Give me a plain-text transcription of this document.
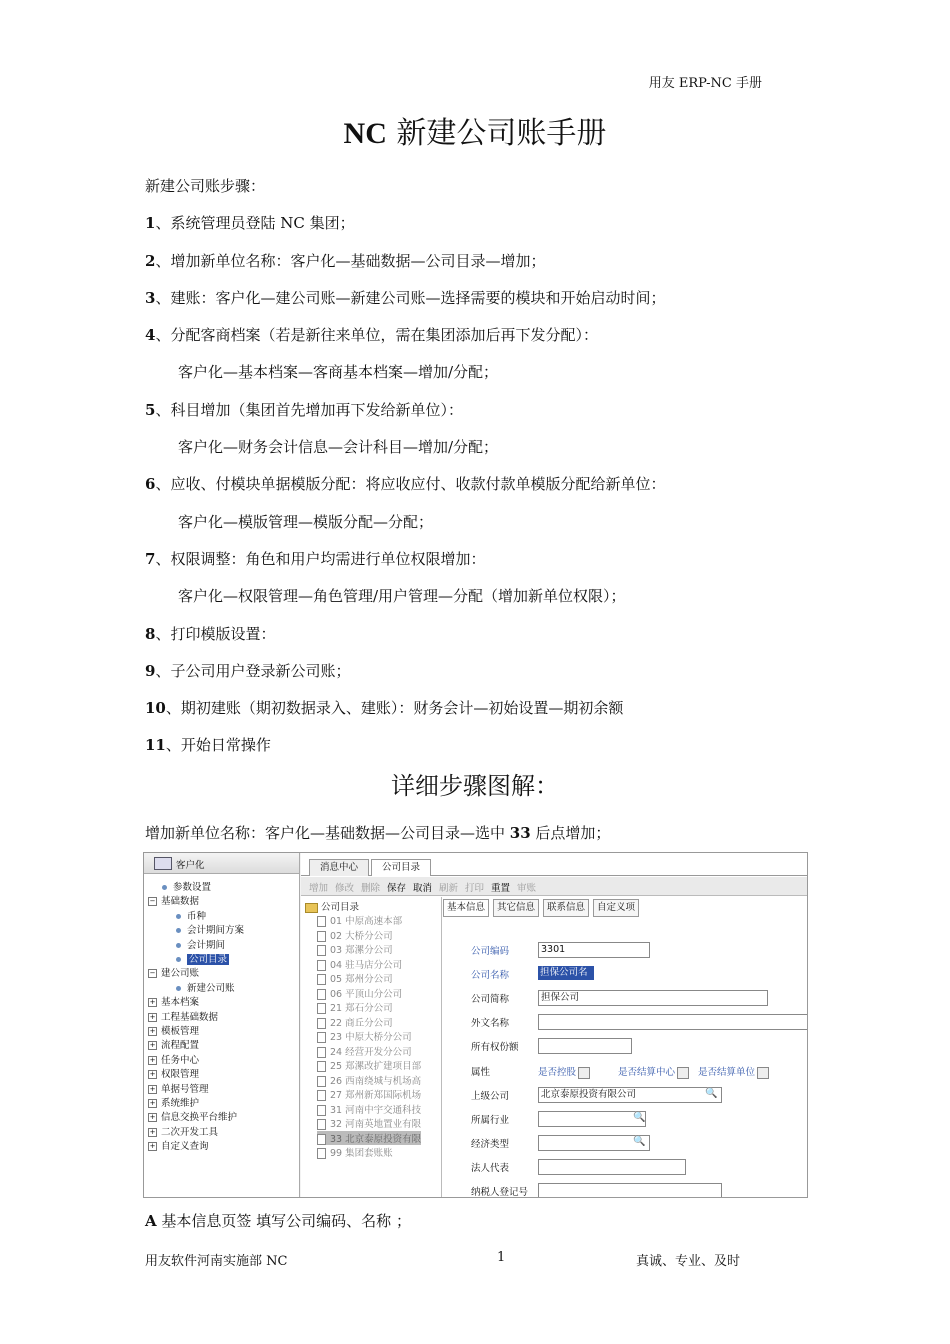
用友 ERP-NC 手册
NC 新建公司账手册
新建公司账步骤：
1、系统管理员登陆 NC 集团；
2、增加新单位名称：客户化—基础数据—公司目录—增加；
3、建账：客户化—建公司账—新建公司账—选择需要的模块和开始启动时间；
4、分配客商档案（若是新往来单位，需在集团添加后再下发分配）：
客户化—基本档案—客商基本档案—增加/分配；
5、科目增加（集团首先增加再下发给新单位）：
客户化—财务会计信息—会计科目—增加/分配；
6、应收、付模块单据模版分配：将应收应付、收款付款单模版分配给新单位：
客户化—模版管理—模版分配—分配；
7、权限调整：角色和用户均需进行单位权限增加：
客户化—权限管理—角色管理/用户管理—分配（增加新单位权限）；
8、打印模版设置：
9、子公司用户登录新公司账；
10、期初建账（期初数据录入、建账）：财务会计—初始设置—期初余额
11、开始日常操作
详细步骤图解：
增加新单位名称：客户化—基础数据—公司目录—选中 33 后点增加；
客户化
参数设置
− 基础数据
币种
会计期间方案
会计期间
公司目录
− 建公司账
新建公司账
+ 基本档案
+ 工程基础数据
+ 模板管理
+ 流程配置
+ 任务中心
+ 权限管理
+ 单据号管理
+ 系统维护
+ 信息交换平台维护
+ 二次开发工具
+ 自定义查询
消息中心	公司目录
增加 修改 删除 保存 取消 刷新 打印 重置 审账
公司目录
01 中原高速本部
02 大桥分公司
03 郑漯分公司
04 驻马店分公司
05 郑州分公司
06 平顶山分公司
21 郑石分公司
22 商丘分公司
23 中原大桥分公司
24 经营开发分公司
25 郑漯改扩建项目部
26 西南绕城与机场高
27 郑州新郑国际机场
31 河南中宇交通科技
32 河南英地置业有限
33 北京泰原投资有限
99 集团套账账
基本信息	其它信息	联系信息	自定义项
公司编码	3301
公司名称	担保公司名
公司简称	担保公司
外文名称
所有权份额
属性	是否控股	是否结算中心	是否结算单位
上级公司	北京泰原投资有限公司	🔍
所属行业	🔍
经济类型	🔍
法人代表
纳税人登记号
A 基本信息页签 填写公司编码、名称 ；
用友软件河南实施部 NC	1	真诚、专业、及时
